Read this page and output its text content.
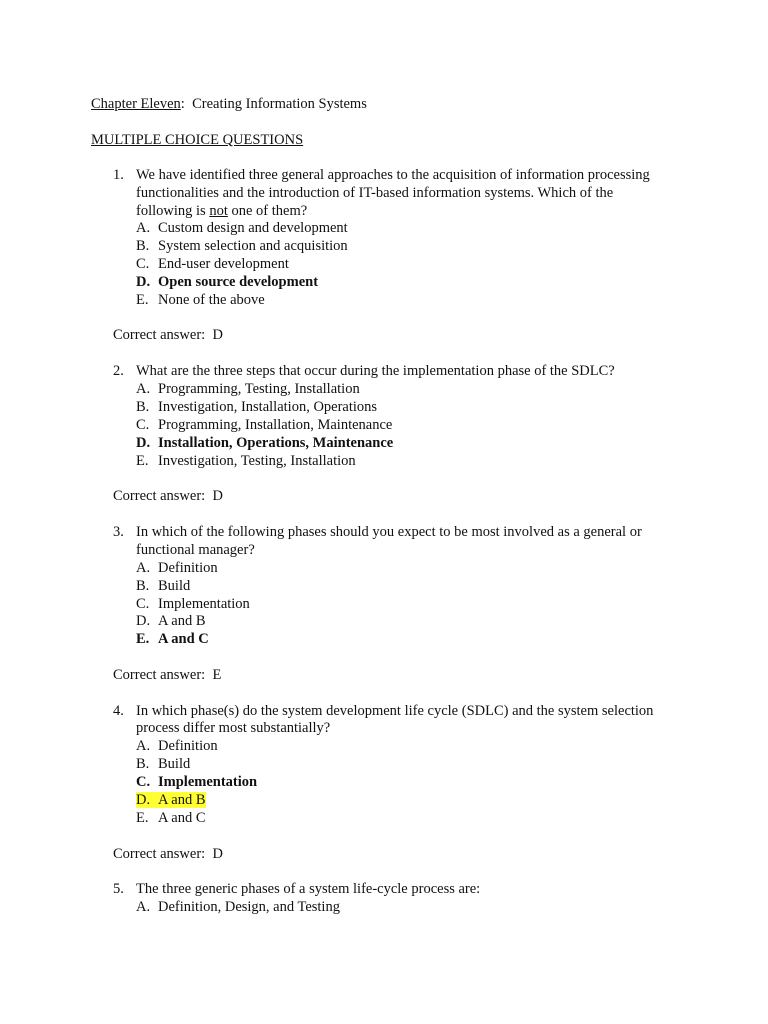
Chapter Eleven: Creating Information Systems
MULTIPLE CHOICE QUESTIONS
1. We have identified three general approaches to the acquisition of information processing
functionalities and the introduction of IT-based information systems. Which of the
following is not one of them?
A. Custom design and development
B. System selection and acquisition
C. End-user development
D. Open source development
E. None of the above
Correct answer:  D
2. What are the three steps that occur during the implementation phase of the SDLC?
A. Programming, Testing, Installation
B. Investigation, Installation, Operations
C. Programming, Installation, Maintenance
D. Installation, Operations, Maintenance
E. Investigation, Testing, Installation
Correct answer:  D
3. In which of the following phases should you expect to be most involved as a general or
functional manager?
A. Definition
B. Build
C. Implementation
D. A and B
E. A and C
Correct answer:  E
4. In which phase(s) do the system development life cycle (SDLC) and the system selection
process differ most substantially?
A. Definition
B. Build
C. Implementation
D. A and B
E. A and C
Correct answer:  D
5. The three generic phases of a system life-cycle process are:
A. Definition, Design, and Testing
